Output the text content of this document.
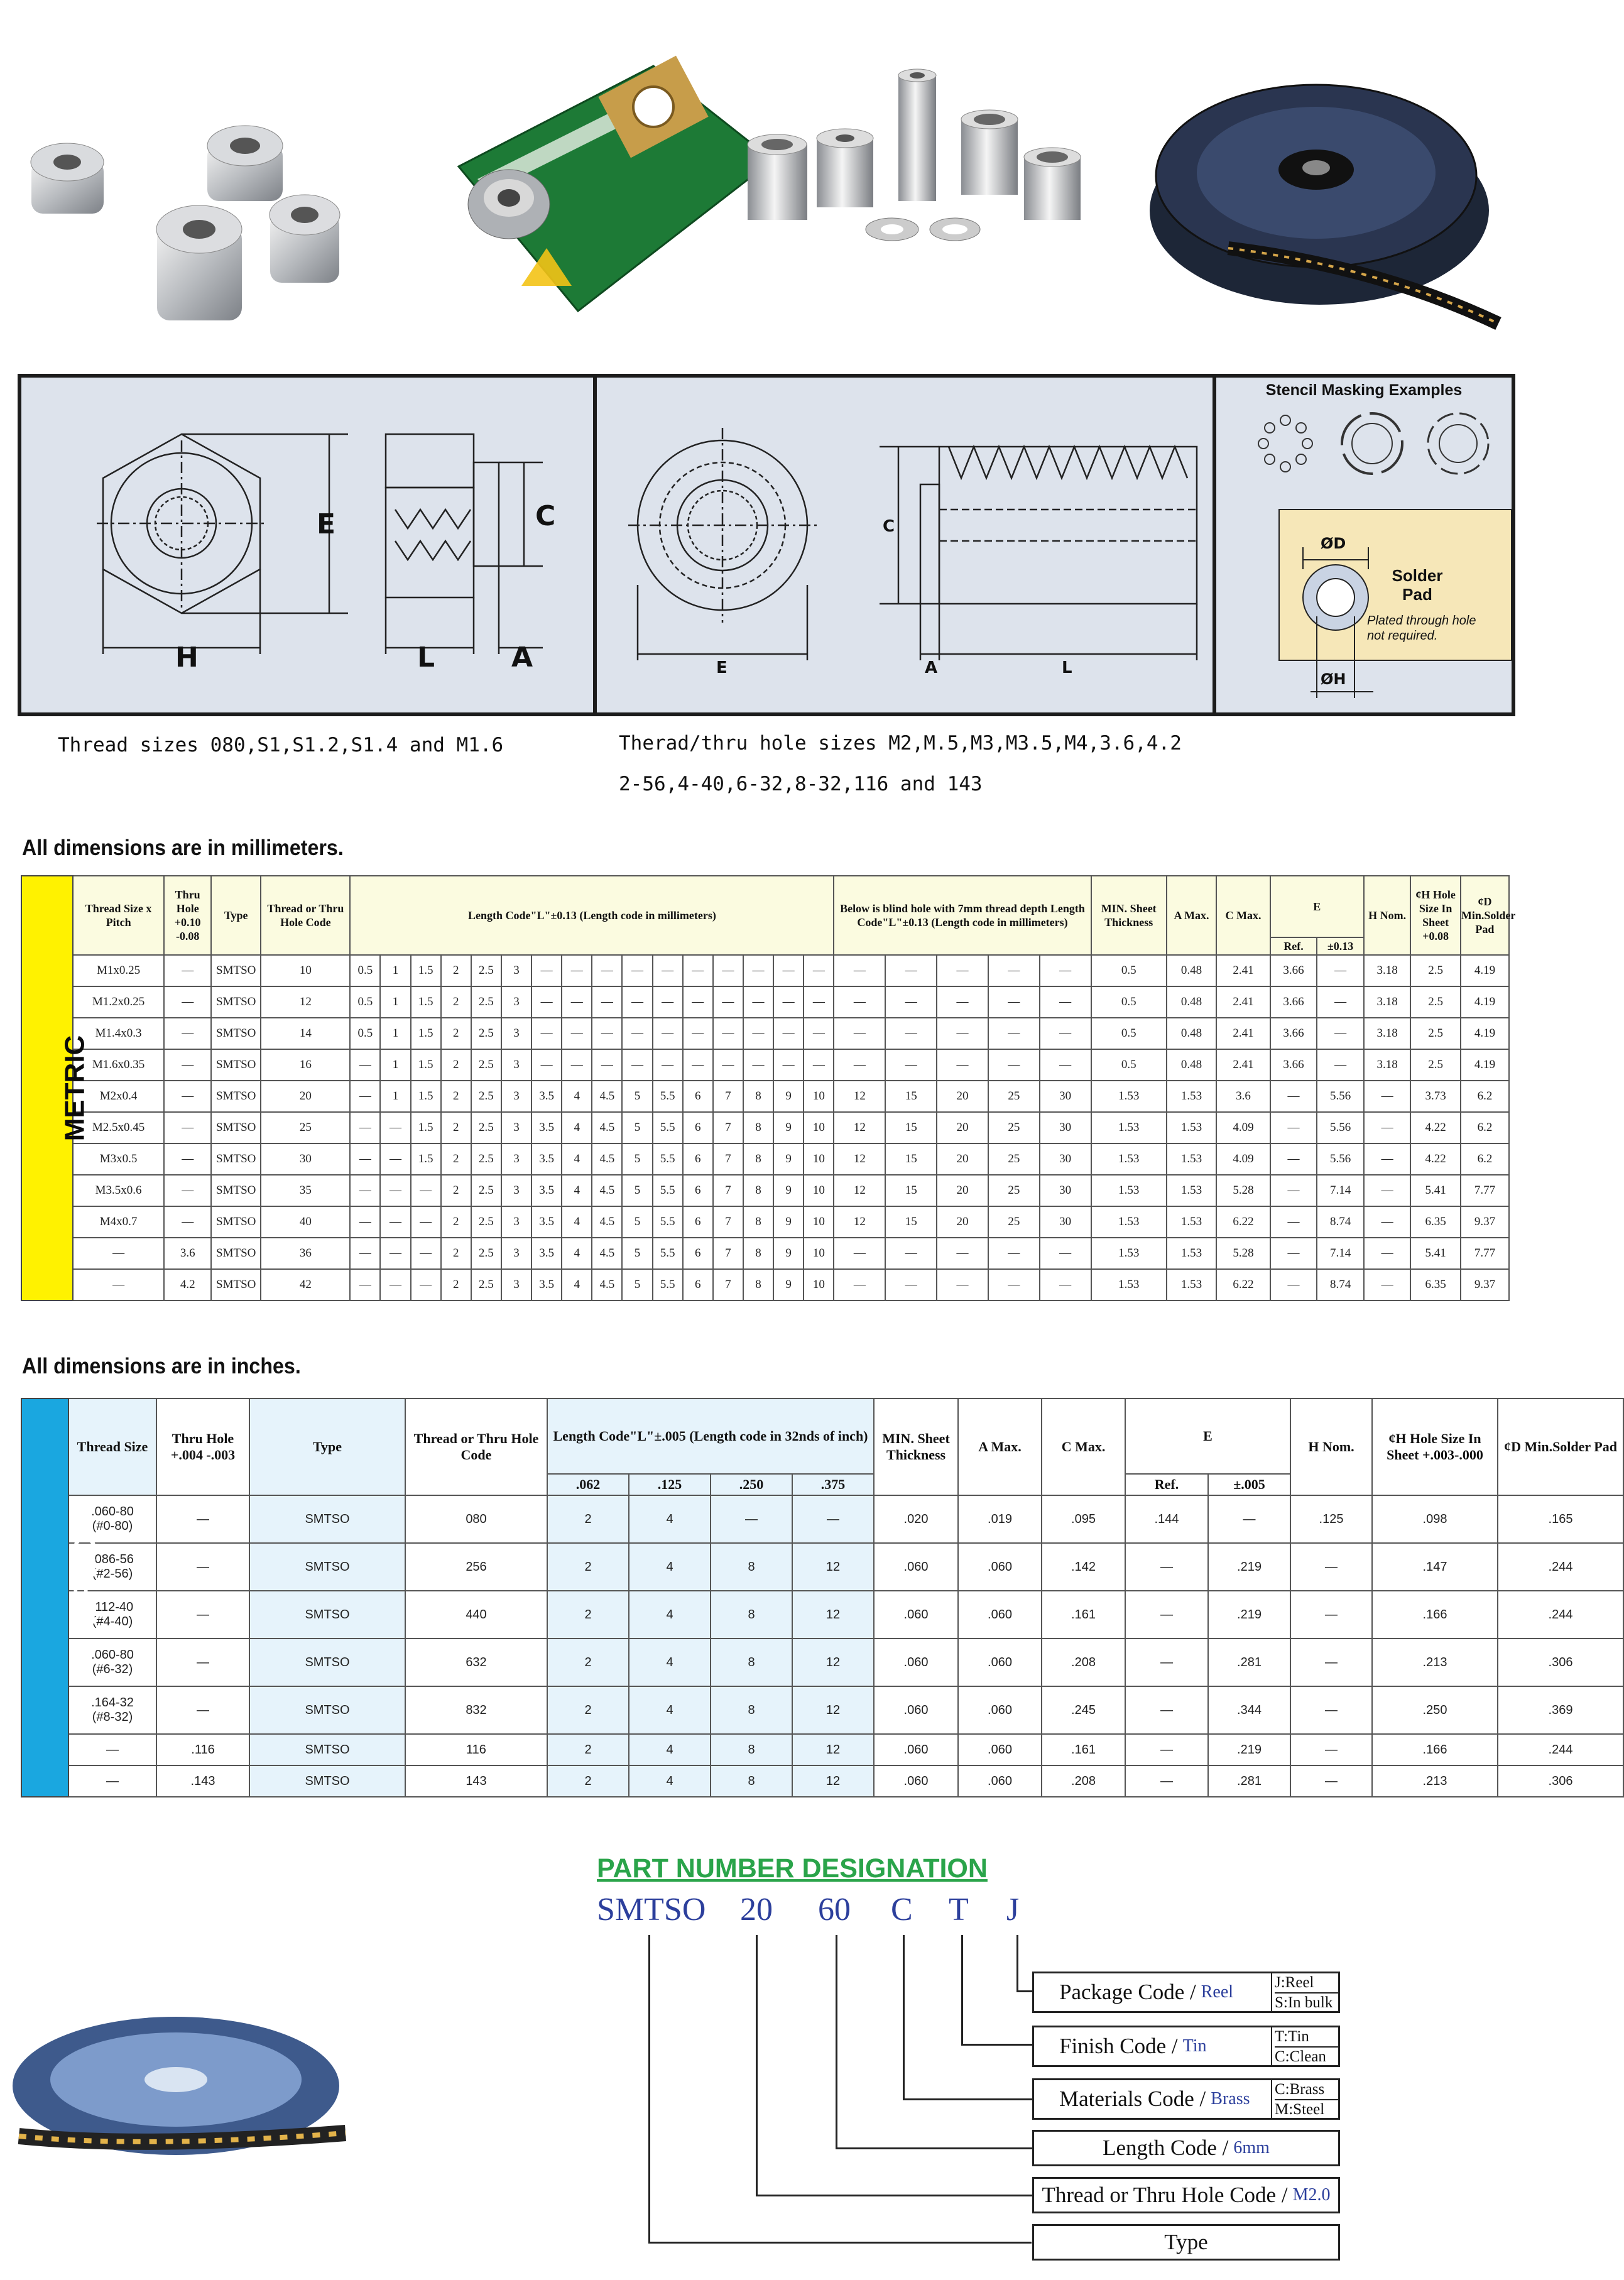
E
H	L	A
C
E	A	L
C
Stencil Masking Examples
ØD
ØH
Solder Pad
Plated through hole not required.
Thread sizes 080,S1,S1.2,S1.4 and M1.6	Therad/thru hole sizes M2,M.5,M3,M3.5,M4,3.6,4.2
2-56,4-40,6-32,8-32,116 and 143
All dimensions are in millimeters.
METRIC	Thread Size x Pitch	Thru Hole +0.10 -0.08	Type	Thread or Thru Hole Code	Length Code"L"±0.13 (Length code in millimeters)																Below is blind hole with 7mm thread depth Length Code"L"±0.13 (Length code in millimeters)					MIN. Sheet Thickness	A Max.	C Max.	E		H Nom.	¢H Hole Size In Sheet +0.08	¢D Min.Solder Pad
																													Ref.	±0.13			
	M1x0.25	—	SMTSO	10	0.5	1	1.5	2	2.5	3	—	—	—	—	—	—	—	—	—	—	—	—	—	—	—	0.5	0.48	2.41	3.66	—	3.18	2.5	4.19
	M1.2x0.25	—	SMTSO	12	0.5	1	1.5	2	2.5	3	—	—	—	—	—	—	—	—	—	—	—	—	—	—	—	0.5	0.48	2.41	3.66	—	3.18	2.5	4.19
	M1.4x0.3	—	SMTSO	14	0.5	1	1.5	2	2.5	3	—	—	—	—	—	—	—	—	—	—	—	—	—	—	—	0.5	0.48	2.41	3.66	—	3.18	2.5	4.19
	M1.6x0.35	—	SMTSO	16	—	1	1.5	2	2.5	3	—	—	—	—	—	—	—	—	—	—	—	—	—	—	—	0.5	0.48	2.41	3.66	—	3.18	2.5	4.19
	M2x0.4	—	SMTSO	20	—	1	1.5	2	2.5	3	3.5	4	4.5	5	5.5	6	7	8	9	10	12	15	20	25	30	1.53	1.53	3.6	—	5.56	—	3.73	6.2
	M2.5x0.45	—	SMTSO	25	—	—	1.5	2	2.5	3	3.5	4	4.5	5	5.5	6	7	8	9	10	12	15	20	25	30	1.53	1.53	4.09	—	5.56	—	4.22	6.2
	M3x0.5	—	SMTSO	30	—	—	1.5	2	2.5	3	3.5	4	4.5	5	5.5	6	7	8	9	10	12	15	20	25	30	1.53	1.53	4.09	—	5.56	—	4.22	6.2
	M3.5x0.6	—	SMTSO	35	—	—	—	2	2.5	3	3.5	4	4.5	5	5.5	6	7	8	9	10	12	15	20	25	30	1.53	1.53	5.28	—	7.14	—	5.41	7.77
	M4x0.7	—	SMTSO	40	—	—	—	2	2.5	3	3.5	4	4.5	5	5.5	6	7	8	9	10	12	15	20	25	30	1.53	1.53	6.22	—	8.74	—	6.35	9.37
	—	3.6	SMTSO	36	—	—	—	2	2.5	3	3.5	4	4.5	5	5.5	6	7	8	9	10	—	—	—	—	—	1.53	1.53	5.28	—	7.14	—	5.41	7.77
	—	4.2	SMTSO	42	—	—	—	2	2.5	3	3.5	4	4.5	5	5.5	6	7	8	9	10	—	—	—	—	—	1.53	1.53	6.22	—	8.74	—	6.35	9.37
All dimensions are in inches.
UNIFIED	Thread Size	Thru Hole +.004 -.003	Type	Thread or Thru Hole Code	Length Code"L"±.005 (Length code in 32nds of inch)				MIN. Sheet Thickness	A Max.	C Max.	E		H Nom.	¢H Hole Size In Sheet +.003-.000	¢D Min.Solder Pad
					.062	.125	.250	.375				Ref.	±.005			

	.060-80
(#0-80)	—	SMTSO	080	2	4	—	—	.020	.019	.095	.144	—	.125	.098	.165

	.086-56
(#2-56)	—	SMTSO	256	2	4	8	12	.060	.060	.142	—	.219	—	.147	.244

	.112-40
(#4-40)	—	SMTSO	440	2	4	8	12	.060	.060	.161	—	.219	—	.166	.244

	.060-80
(#6-32)	—	SMTSO	632	2	4	8	12	.060	.060	.208	—	.281	—	.213	.306

	.164-32
(#8-32)	—	SMTSO	832	2	4	8	12	.060	.060	.245	—	.344	—	.250	.369

	—	.116	SMTSO	116	2	4	8	12	.060	.060	.161	—	.219	—	.166	.244

	—	.143	SMTSO	143	2	4	8	12	.060	.060	.208	—	.281	—	.213	.306
PART NUMBER DESIGNATION
SMTSO 20 60 C T J
Package Code / Reel	J:Reel
S:In bulk
Finish Code / Tin	T:Tin
C:Clean
Materials Code / Brass C:Brass
M:Steel
Length Code / 6mm
Thread or Thru Hole Code / M2.0
Type
